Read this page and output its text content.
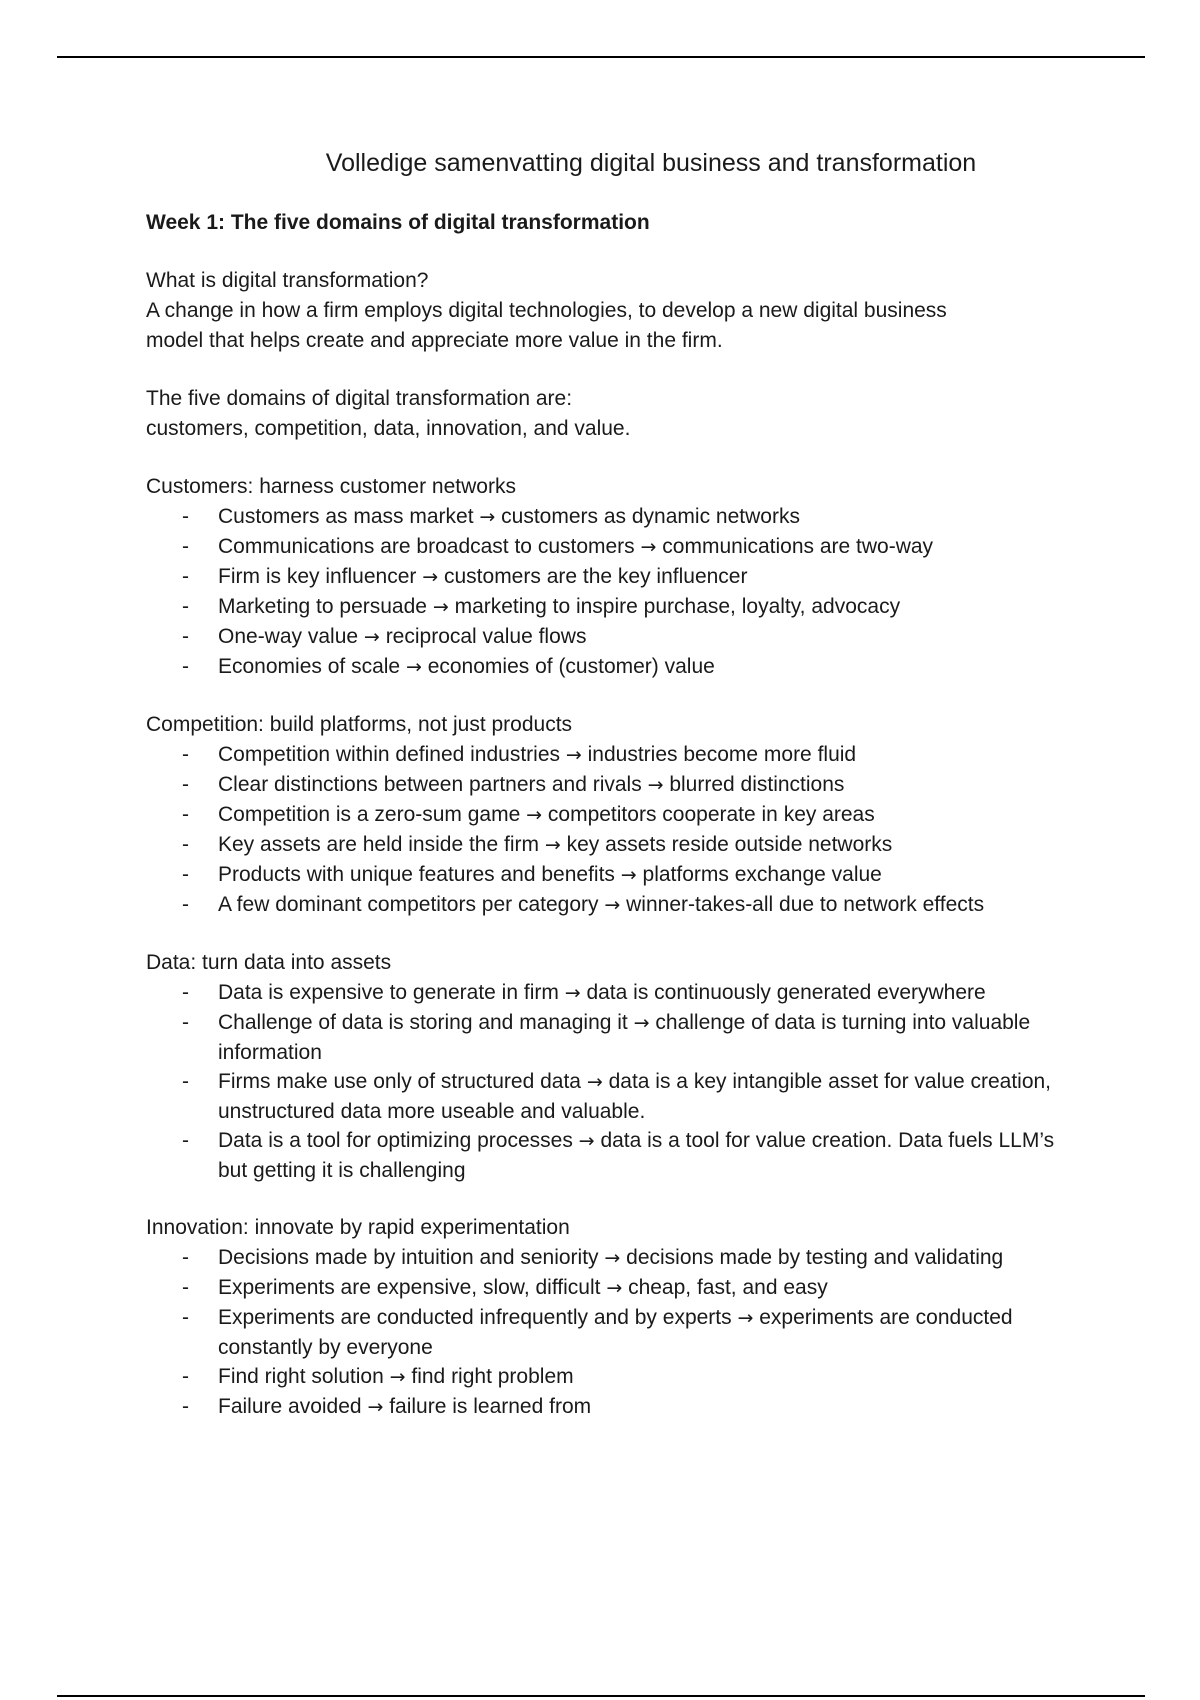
Volledige samenvatting digital business and transformation
Week 1: The five domains of digital transformation
What is digital transformation?
A change in how a firm employs digital technologies, to develop a new digital business
model that helps create and appreciate more value in the firm.
The five domains of digital transformation are:
customers, competition, data, innovation, and value.
Customers: harness customer networks
- Customers as mass market → customers as dynamic networks
- Communications are broadcast to customers → communications are two-way
- Firm is key influencer → customers are the key influencer
- Marketing to persuade → marketing to inspire purchase, loyalty, advocacy
- One-way value → reciprocal value flows
- Economies of scale → economies of (customer) value
Competition: build platforms, not just products
- Competition within defined industries → industries become more fluid
- Clear distinctions between partners and rivals → blurred distinctions
- Competition is a zero-sum game → competitors cooperate in key areas
- Key assets are held inside the firm → key assets reside outside networks
- Products with unique features and benefits → platforms exchange value
- A few dominant competitors per category → winner-takes-all due to network effects
Data: turn data into assets
- Data is expensive to generate in firm → data is continuously generated everywhere
- Challenge of data is storing and managing it → challenge of data is turning into valuable information
- Firms make use only of structured data → data is a key intangible asset for value creation, unstructured data more useable and valuable.
- Data is a tool for optimizing processes → data is a tool for value creation. Data fuels LLM’s but getting it is challenging
Innovation: innovate by rapid experimentation
- Decisions made by intuition and seniority → decisions made by testing and validating
- Experiments are expensive, slow, difficult → cheap, fast, and easy
- Experiments are conducted infrequently and by experts → experiments are conducted constantly by everyone
- Find right solution → find right problem
- Failure avoided → failure is learned from
